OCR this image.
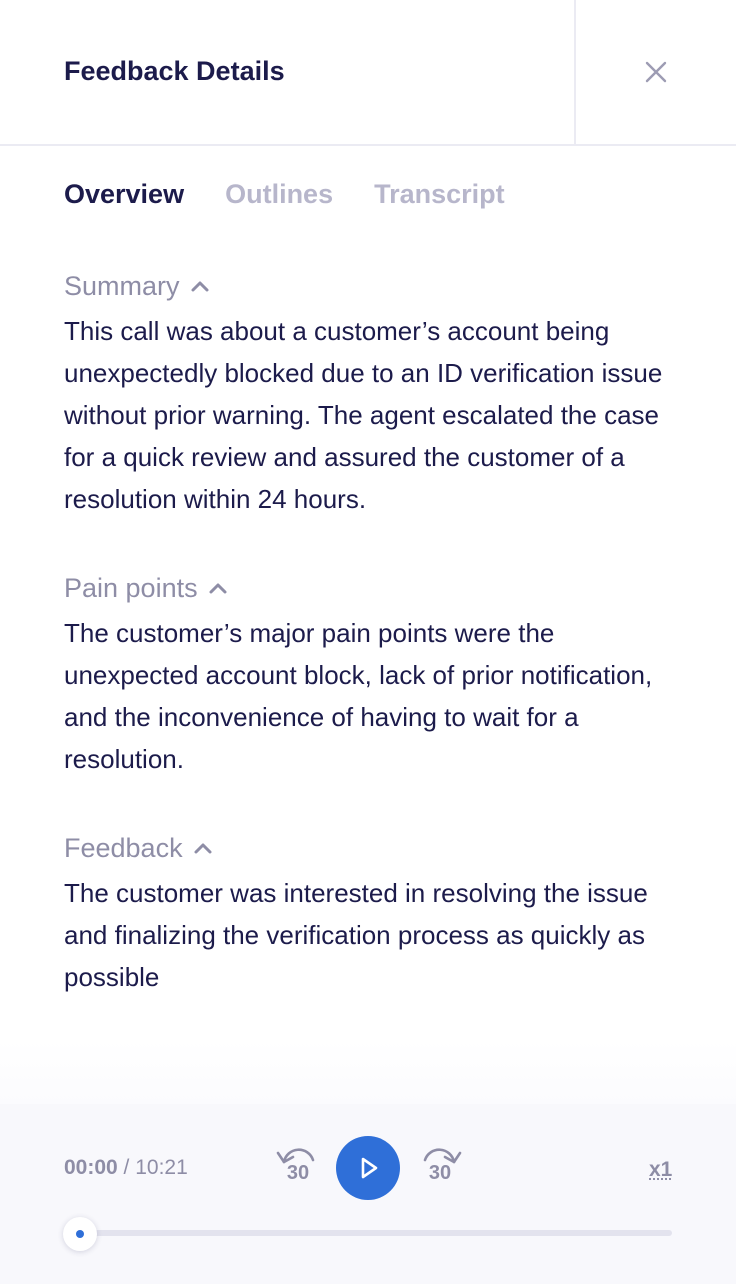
Feedback Details
Overview Outlines Transcript
Summary
This call was about a customer’s account being unexpectedly blocked due to an ID verification issue without prior warning. The agent escalated the case for a quick review and assured the customer of a resolution within 24 hours.
Pain points
The customer’s major pain points were the unexpected account block, lack of prior notification, and the inconvenience of having to wait for a resolution.
Feedback
The customer was interested in resolving the issue and finalizing the verification process as quickly as possible
00:00 / 10:21	30	30	x1
